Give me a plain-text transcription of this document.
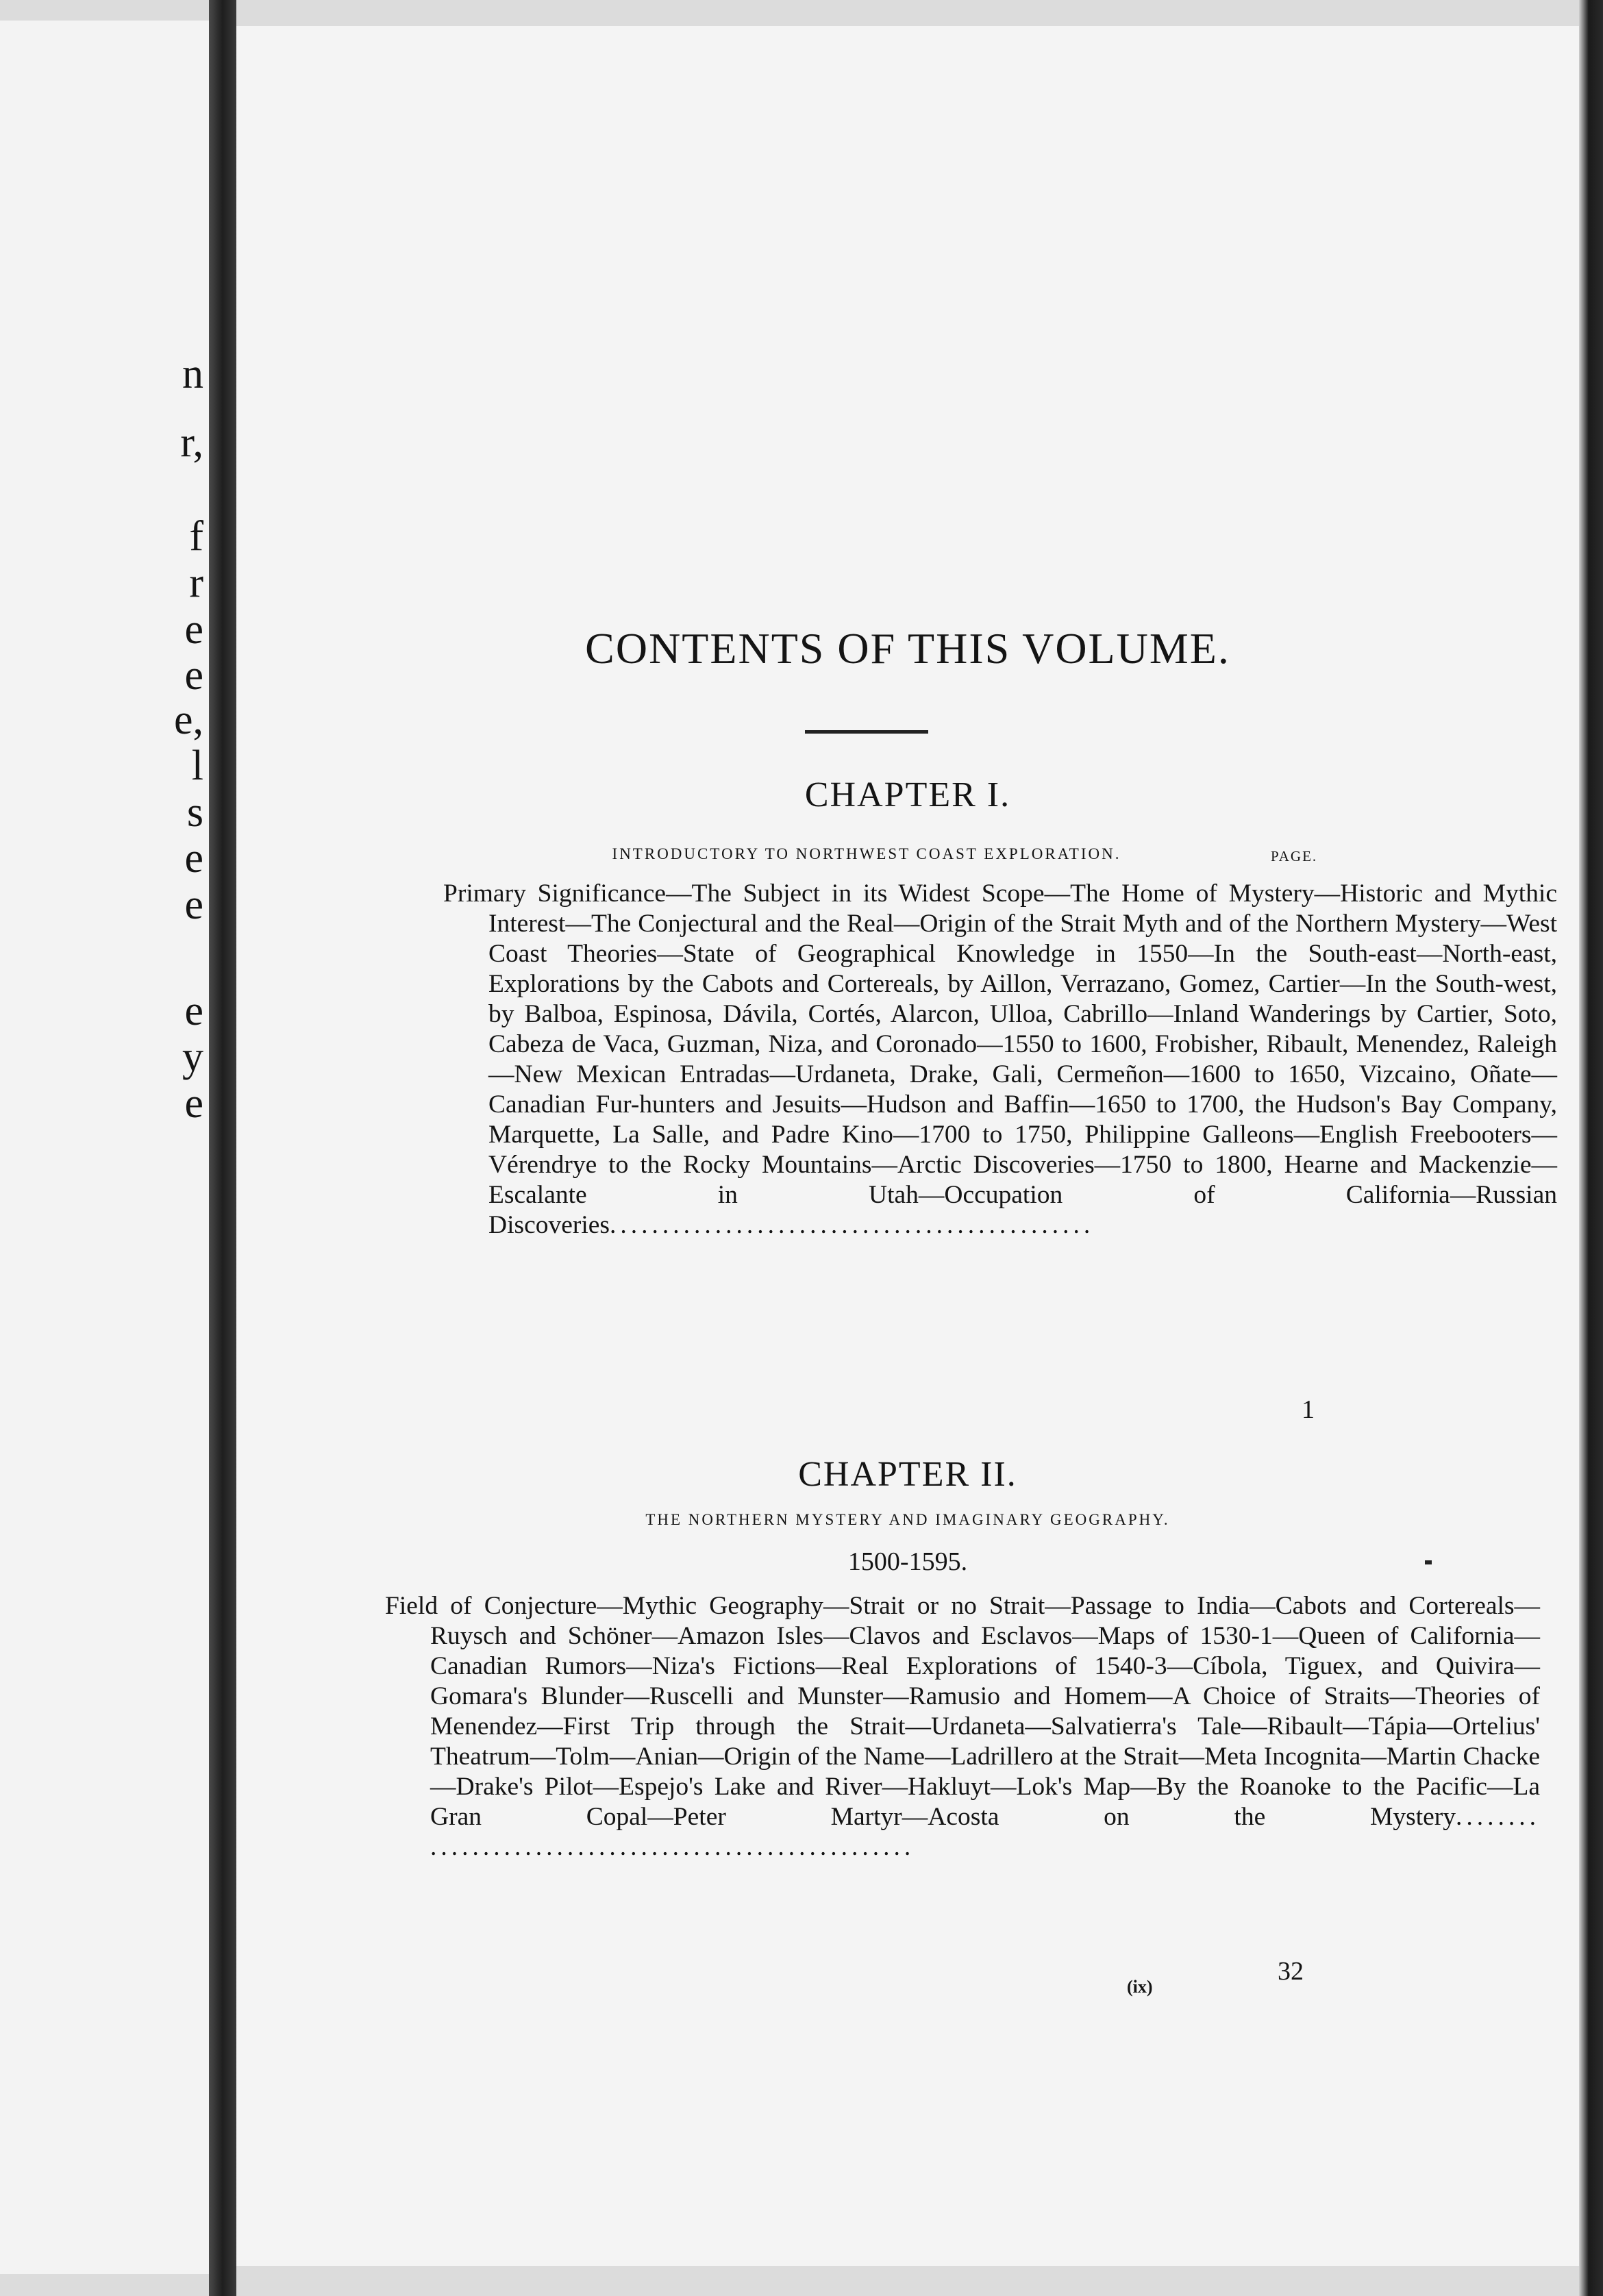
n
r,
f
r
e
e
e,
l
s
e
e
e
y
e
CONTENTS OF THIS VOLUME.
CHAPTER I.
INTRODUCTORY TO NORTHWEST COAST EXPLORATION.	PAGE.
Primary Significance—The Subject in its Widest Scope—The Home of Mystery—Historic and Mythic Interest—The Conjectural and the Real—Origin of the Strait Myth and of the Northern Mystery—West Coast Theories—State of Geographical Knowledge in 1550—In the South-east—North-east, Explorations by the Cabots and Cortereals, by Aillon, Verrazano, Gomez, Cartier—In the South-west, by Balboa, Espinosa, Dávila, Cortés, Alarcon, Ulloa, Cabrillo—Inland Wanderings by Cartier, Soto, Cabeza de Vaca, Guzman, Niza, and Coronado—1550 to 1600, Frobisher, Ribault, Menendez, Raleigh—New Mexican Entradas—Urdaneta, Drake, Gali, Cermeñon—1600 to 1650, Vizcaino, Oñate—Canadian Fur-hunters and Jesuits—Hudson and Baffin—1650 to 1700, the Hudson's Bay Company, Marquette, La Salle, and Padre Kino—1700 to 1750, Philippine Galleons—English Freebooters—Vérendrye to the Rocky Mountains—Arctic Discoveries—1750 to 1800, Hearne and Mackenzie—Escalante in Utah—Occupation of California—Russian Discoveries..............................................
1
CHAPTER II.
THE NORTHERN MYSTERY AND IMAGINARY GEOGRAPHY.
1500-1595.
Field of Conjecture—Mythic Geography—Strait or no Strait—Passage to India—Cabots and Cortereals—Ruysch and Schöner—Amazon Isles—Clavos and Esclavos—Maps of 1530-1—Queen of California—Canadian Rumors—Niza's Fictions—Real Explorations of 1540-3—Cíbola, Tiguex, and Quivira—Gomara's Blunder—Ruscelli and Munster—Ramusio and Homem—A Choice of Straits—Theories of Menendez—First Trip through the Strait—Urdaneta—Salvatierra's Tale—Ribault—Tápia—Ortelius' Theatrum—Tolm—Anian—Origin of the Name—Ladrillero at the Strait—Meta Incognita—Martin Chacke—Drake's Pilot—Espejo's Lake and River—Hakluyt—Lok's Map—By the Roanoke to the Pacific—La Gran Copal—Peter Martyr—Acosta on the Mystery........ ..............................................
32
(ix)
